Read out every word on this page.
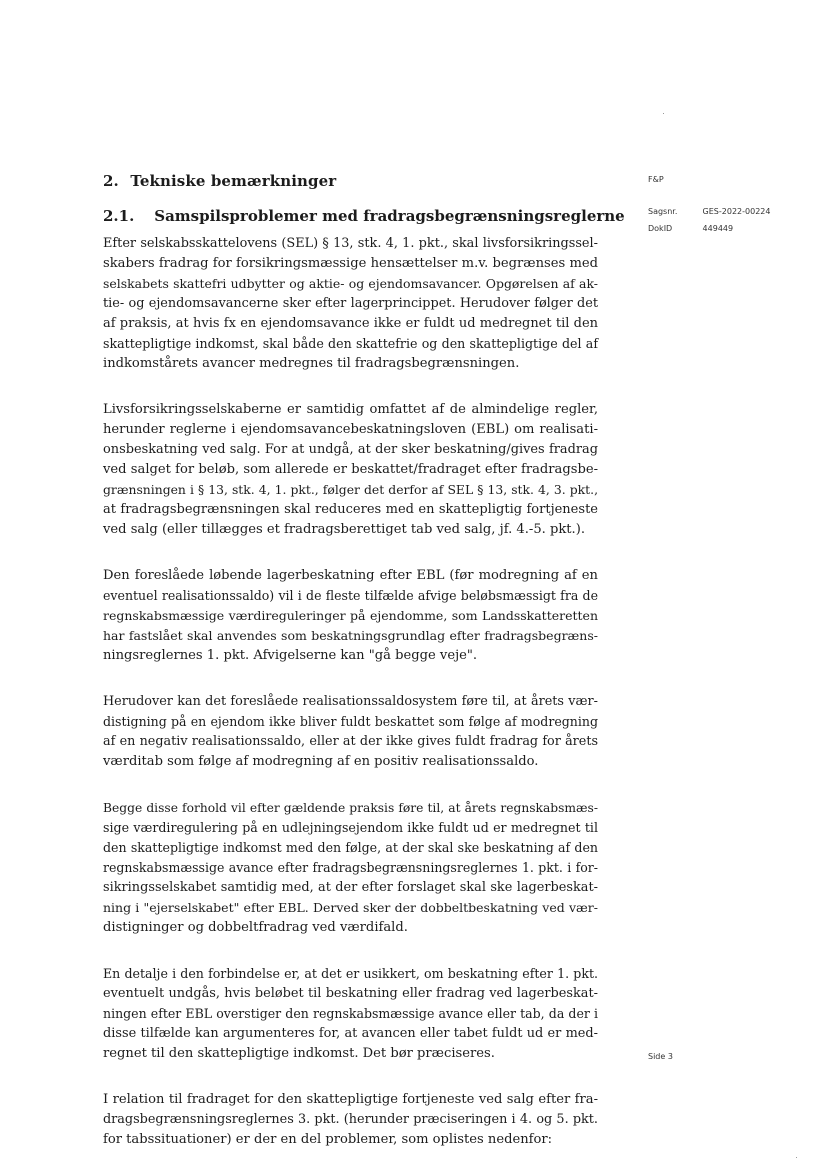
2. Tekniske bemærkninger
2.1. Samspilsproblemer med fradragsbegrænsningsreglerne

Efter selskabsskattelovens (SEL) § 13, stk. 4, 1. pkt., skal livsforsikringssel-
skabers fradrag for forsikringsmæssige hensættelser m.v. begrænses med
selskabets skattefri udbytter og aktie- og ejendomsavancer. Opgørelsen af ak-
tie- og ejendomsavancerne sker efter lagerprincippet. Herudover følger det
af praksis, at hvis fx en ejendomsavance ikke er fuldt ud medregnet til den
skattepligtige indkomst, skal både den skattefrie og den skattepligtige del af
indkomstårets avancer medregnes til fradragsbegrænsningen.

Livsforsikringsselskaberne er samtidig omfattet af de almindelige regler,
herunder reglerne i ejendomsavancebeskatningsloven (EBL) om realisati-
onsbeskatning ved salg. For at undgå, at der sker beskatning/gives fradrag
ved salget for beløb, som allerede er beskattet/fradraget efter fradragsbe-
grænsningen i § 13, stk. 4, 1. pkt., følger det derfor af SEL § 13, stk. 4, 3. pkt.,
at fradragsbegrænsningen skal reduceres med en skattepligtig fortjeneste
ved salg (eller tillægges et fradragsberettiget tab ved salg, jf. 4.-5. pkt.).

Den foreslåede løbende lagerbeskatning efter EBL (før modregning af en
eventuel realisationssaldo) vil i de fleste tilfælde afvige beløbsmæssigt fra de
regnskabsmæssige værdireguleringer på ejendomme, som Landsskatteretten
har fastslået skal anvendes som beskatningsgrundlag efter fradragsbegræns-
ningsreglernes 1. pkt. Afvigelserne kan "gå begge veje".

Herudover kan det foreslåede realisationssaldosystem føre til, at årets vær-
distigning på en ejendom ikke bliver fuldt beskattet som følge af modregning
af en negativ realisationssaldo, eller at der ikke gives fuldt fradrag for årets
værditab som følge af modregning af en positiv realisationssaldo.

Begge disse forhold vil efter gældende praksis føre til, at årets regnskabsmæs-
sige værdiregulering på en udlejningsejendom ikke fuldt ud er medregnet til
den skattepligtige indkomst med den følge, at der skal ske beskatning af den
regnskabsmæssige avance efter fradragsbegrænsningsreglernes 1. pkt. i for-
sikringsselskabet samtidig med, at der efter forslaget skal ske lagerbeskat-
ning i "ejerselskabet" efter EBL. Derved sker der dobbeltbeskatning ved vær-
distigninger og dobbeltfradrag ved værdifald.

En detalje i den forbindelse er, at det er usikkert, om beskatning efter 1. pkt.
eventuelt undgås, hvis beløbet til beskatning eller fradrag ved lagerbeskat-
ningen efter EBL overstiger den regnskabsmæssige avance eller tab, da der i
disse tilfælde kan argumenteres for, at avancen eller tabet fuldt ud er med-
regnet til den skattepligtige indkomst. Det bør præciseres.

I relation til fradraget for den skattepligtige fortjeneste ved salg efter fra-
dragsbegrænsningsreglernes 3. pkt. (herunder præciseringen i 4. og 5. pkt.
for tabssituationer) er der en del problemer, som oplistes nedenfor:

F&P
Sagsnr.	GES-2022-00224
DokID	449449
Side 3
